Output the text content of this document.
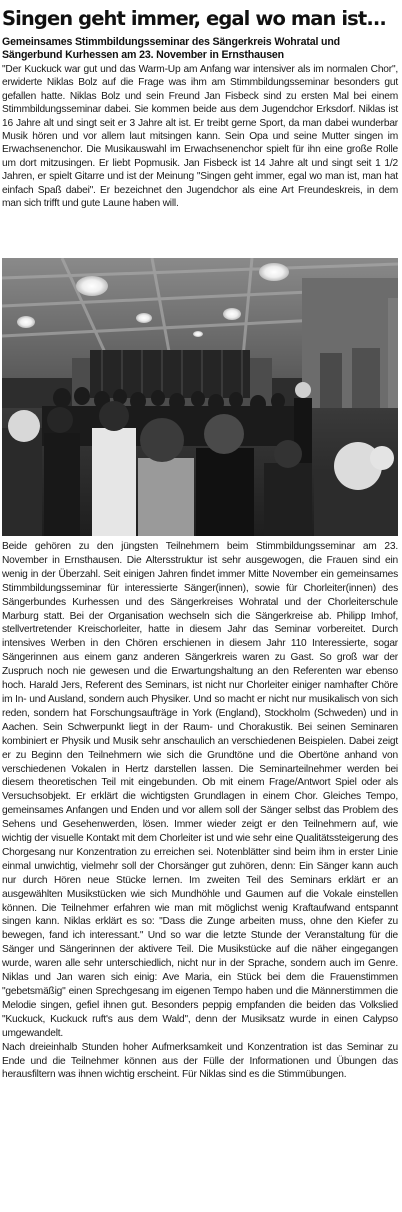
Singen geht immer, egal wo man ist...
Gemeinsames Stimmbildungsseminar des Sängerkreis Wohratal und Sängerbund Kurhessen am 23. November in Ernsthausen

"Der Kuckuck war gut und das Warm-Up am Anfang war intensiver als im normalen Chor", erwiderte Niklas Bolz auf die Frage was ihm am Stimmbildungsseminar besonders gut gefallen hatte. Niklas Bolz und sein Freund Jan Fisbeck sind zu ersten Mal bei einem Stimmbildungsseminar dabei. Sie kommen beide aus dem Jugendchor Erksdorf. Niklas ist 16 Jahre alt und singt seit er 3 Jahre alt ist. Er treibt gerne Sport, da man dabei wunderbar Musik hören und vor allem laut mitsingen kann. Sein Opa und seine Mutter singen im Erwachsenenchor. Die Musikauswahl im Erwachsenenchor spielt für ihn eine große Rolle um dort mitzusingen. Er liebt Popmusik. Jan Fisbeck ist 14 Jahre alt und singt seit 1 1/2 Jahren, er spielt Gitarre und ist der Meinung "Singen geht immer, egal wo man ist, man hat einfach Spaß dabei". Er bezeichnet den Jugendchor als eine Art Freundeskreis, in dem man sich trifft und gute Laune haben will.

Beide gehören zu den jüngsten Teilnehmern beim Stimmbildungsseminar am 23. November in Ernsthausen. Die Altersstruktur ist sehr ausgewogen, die Frauen sind ein wenig in der Überzahl. Seit einigen Jahren findet immer Mitte November ein gemeinsames Stimmbildungsseminar für interessierte Sänger(innen), sowie für Chorleiter(innen) des Sängerbundes Kurhessen und des Sängerkreises Wohratal und der Chorleiterschule Marburg statt. Bei der Organisation wechseln sich die Sängerkreise ab. Philipp Imhof, stellvertretender Kreischorleiter, hatte in diesem Jahr das Seminar vorbereitet. Durch intensives Werben in den Chören erschienen in diesem Jahr 110 Interessierte, sogar Sängerinnen aus einem ganz anderen Sängerkreis waren zu Gast. So groß war der Zuspruch noch nie gewesen und die Erwartungshaltung an den Referenten war ebenso hoch. Harald Jers, Referent des Seminars, ist nicht nur Chorleiter einiger namhafter Chöre im In- und Ausland, sondern auch Physiker. Und so macht er nicht nur musikalisch von sich reden, sondern hat Forschungsaufträge in York (England), Stockholm (Schweden) und in Aachen. Sein Schwerpunkt liegt in der Raum- und Chorakustik. Bei seinen Seminaren kombiniert er Physik und Musik sehr anschaulich an verschiedenen Beispielen. Dabei zeigt er zu Beginn den Teilnehmern wie sich die Grundtöne und die Obertöne anhand von verschiedenen Vokalen in Hertz darstellen lassen. Die Seminarteilnehmer werden bei diesem theoretischen Teil mit eingebunden. Ob mit einem Frage/Antwort Spiel oder als Versuchsobjekt. Er erklärt die wichtigsten Grundlagen in einem Chor. Gleiches Tempo, gemeinsames Anfangen und Enden und vor allem soll der Sänger selbst das Problem des Sehens und Gesehenwerden, lösen. Immer wieder zeigt er den Teilnehmern auf, wie wichtig der visuelle Kontakt mit dem Chorleiter ist und wie sehr eine Qualitätssteigerung des Chorgesang nur Konzentration zu erreichen sei. Notenblätter sind beim ihm in erster Linie einmal unwichtig, vielmehr soll der Chorsänger gut zuhören, denn: Ein Sänger kann auch nur durch Hören neue Stücke lernen. Im zweiten Teil des Seminars erklärt er an ausgewählten Musikstücken wie sich Mundhöhle und Gaumen auf die Vokale einstellen können. Die Teilnehmer erfahren wie man mit möglichst wenig Kraftaufwand entspannt singen kann. Niklas erklärt es so: "Dass die Zunge arbeiten muss, ohne den Kiefer zu bewegen, fand ich interessant." Und so war die letzte Stunde der Veranstaltung für die Sänger und Sängerinnen der aktivere Teil. Die Musikstücke auf die näher eingegangen wurde, waren alle sehr unterschiedlich, nicht nur in der Sprache, sondern auch im Genre. Niklas und Jan waren sich einig: Ave Maria, ein Stück bei dem die Frauenstimmen "gebetsmäßig" einen Sprechgesang im eigenen Tempo haben und die Männerstimmen die Melodie singen, gefiel ihnen gut. Besonders peppig empfanden die beiden das Volkslied "Kuckuck, Kuckuck ruft's aus dem Wald", denn der Musiksatz wurde in einen Calypso umgewandelt.

Nach dreieinhalb Stunden hoher Aufmerksamkeit und Konzentration ist das Seminar zu Ende und die Teilnehmer können aus der Fülle der Informationen und Übungen das herausfiltern was ihnen wichtig erscheint. Für Niklas sind es die Stimmübungen.
